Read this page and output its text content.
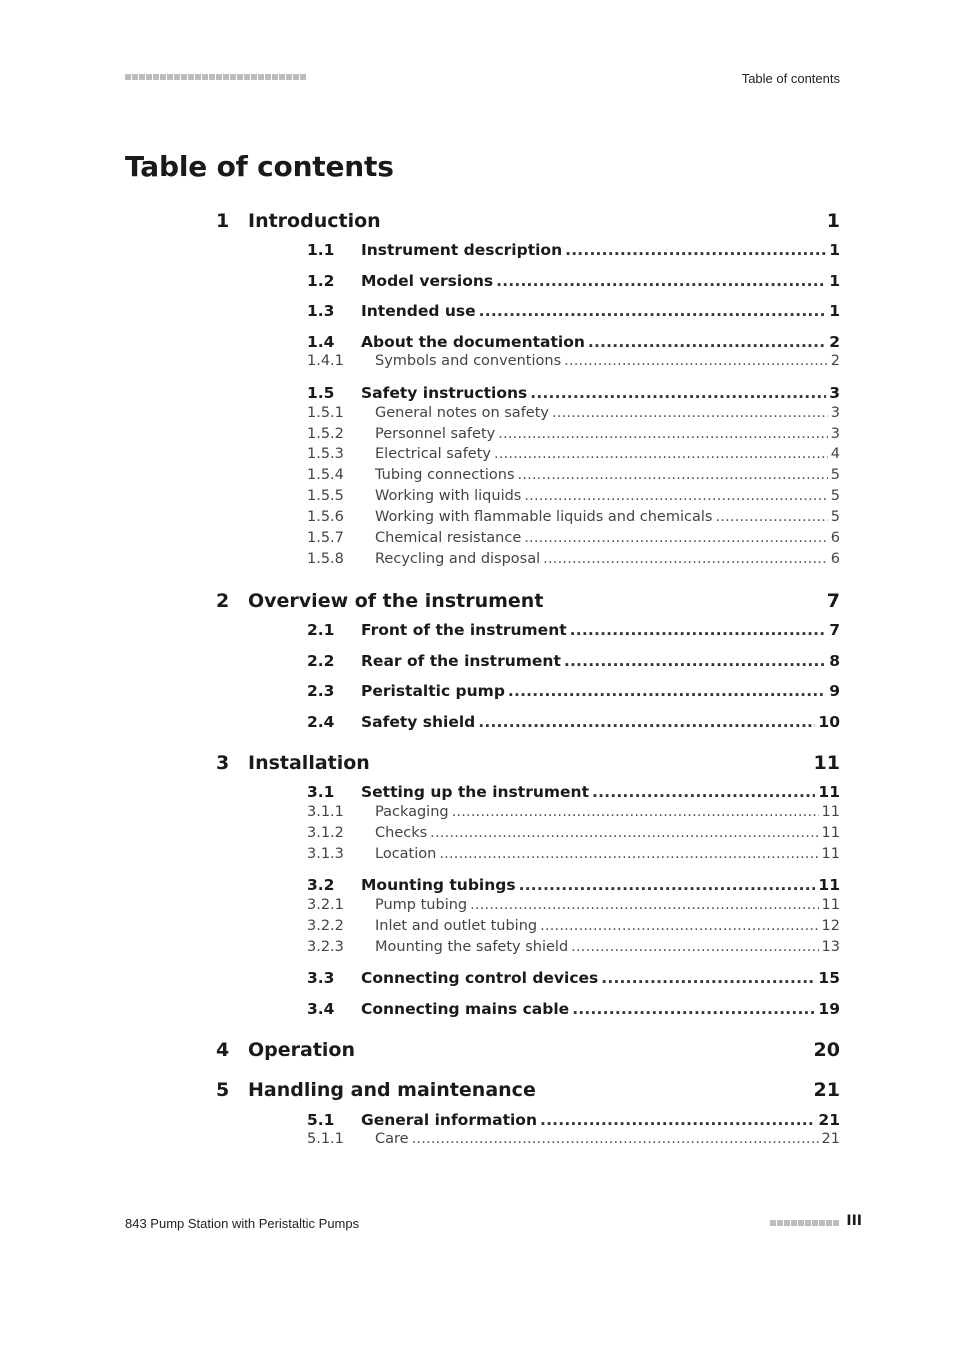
Table of contents
Table of contents
1 Introduction	1
1.1 Instrument description .....	1
1.2 Model versions .....	1
1.3 Intended use .....	1
1.4 About the documentation .....	2
1.4.1 Symbols and conventions .....	2
1.5 Safety instructions .....	3
1.5.1 General notes on safety .....	3
1.5.2 Personnel safety .....	3
1.5.3 Electrical safety .....	4
1.5.4 Tubing connections .....	5
1.5.5 Working with liquids .....	5
1.5.6 Working with flammable liquids and chemicals .....	5
1.5.7 Chemical resistance .....	6
1.5.8 Recycling and disposal .....	6
2 Overview of the instrument	7
2.1 Front of the instrument .....	7
2.2 Rear of the instrument .....	8
2.3 Peristaltic pump .....	9
2.4 Safety shield .....	10
3 Installation	11
3.1 Setting up the instrument .....	11
3.1.1 Packaging .....	11
3.1.2 Checks .....	11
3.1.3 Location .....	11
3.2 Mounting tubings .....	11
3.2.1 Pump tubing .....	11
3.2.2 Inlet and outlet tubing .....	12
3.2.3 Mounting the safety shield .....	13
3.3 Connecting control devices .....	15
3.4 Connecting mains cable .....	19
4 Operation	20
5 Handling and maintenance	21
5.1 General information .....	21
5.1.1 Care .....	21
843 Pump Station with Peristaltic Pumps	III
